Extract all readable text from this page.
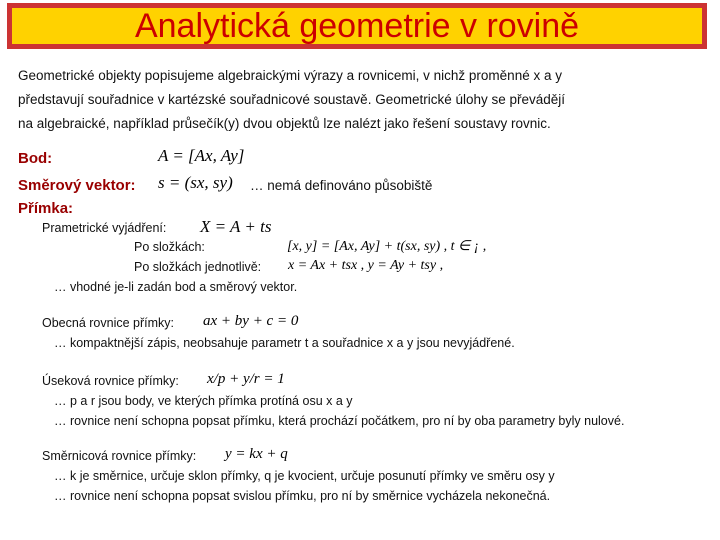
Analytická geometrie v rovině
Geometrické objekty popisujeme algebraickými výrazy a rovnicemi, v nichž proměnné x a y
představují souřadnice v kartézské souřadnicové soustavě. Geometrické úlohy se převádějí
na algebraické, například průsečík(y) dvou objektů lze nalézt jako řešení soustavy rovnic.
Bod:	A = [Ax, Ay]
Směrový vektor: s = (sx, sy) … nemá definováno působiště
Přímka:
Prametrické vyjádření: X = A + ts
Po složkách:	[x, y] = [Ax, Ay] + t(sx, sy) , t ∈ ¡ ,
Po složkách jednotlivě: x = Ax + tsx , y = Ay + tsy ,
… vhodné je-li zadán bod a směrový vektor.
Obecná rovnice přímky: ax + by + c = 0
… kompaktnější zápis, neobsahuje parametr t a souřadnice x a y jsou nevyjádřené.
Úseková rovnice přímky: x/p + y/r = 1
… p a r jsou body, ve kterých přímka protíná osu x a y
… rovnice není schopna popsat přímku, která prochází počátkem, pro ní by oba parametry byly nulové.
Směrnicová rovnice přímky: y = kx + q
… k je směrnice, určuje sklon přímky, q je kvocient, určuje posunutí přímky ve směru osy y
… rovnice není schopna popsat svislou přímku, pro ní by směrnice vycházela nekonečná.
